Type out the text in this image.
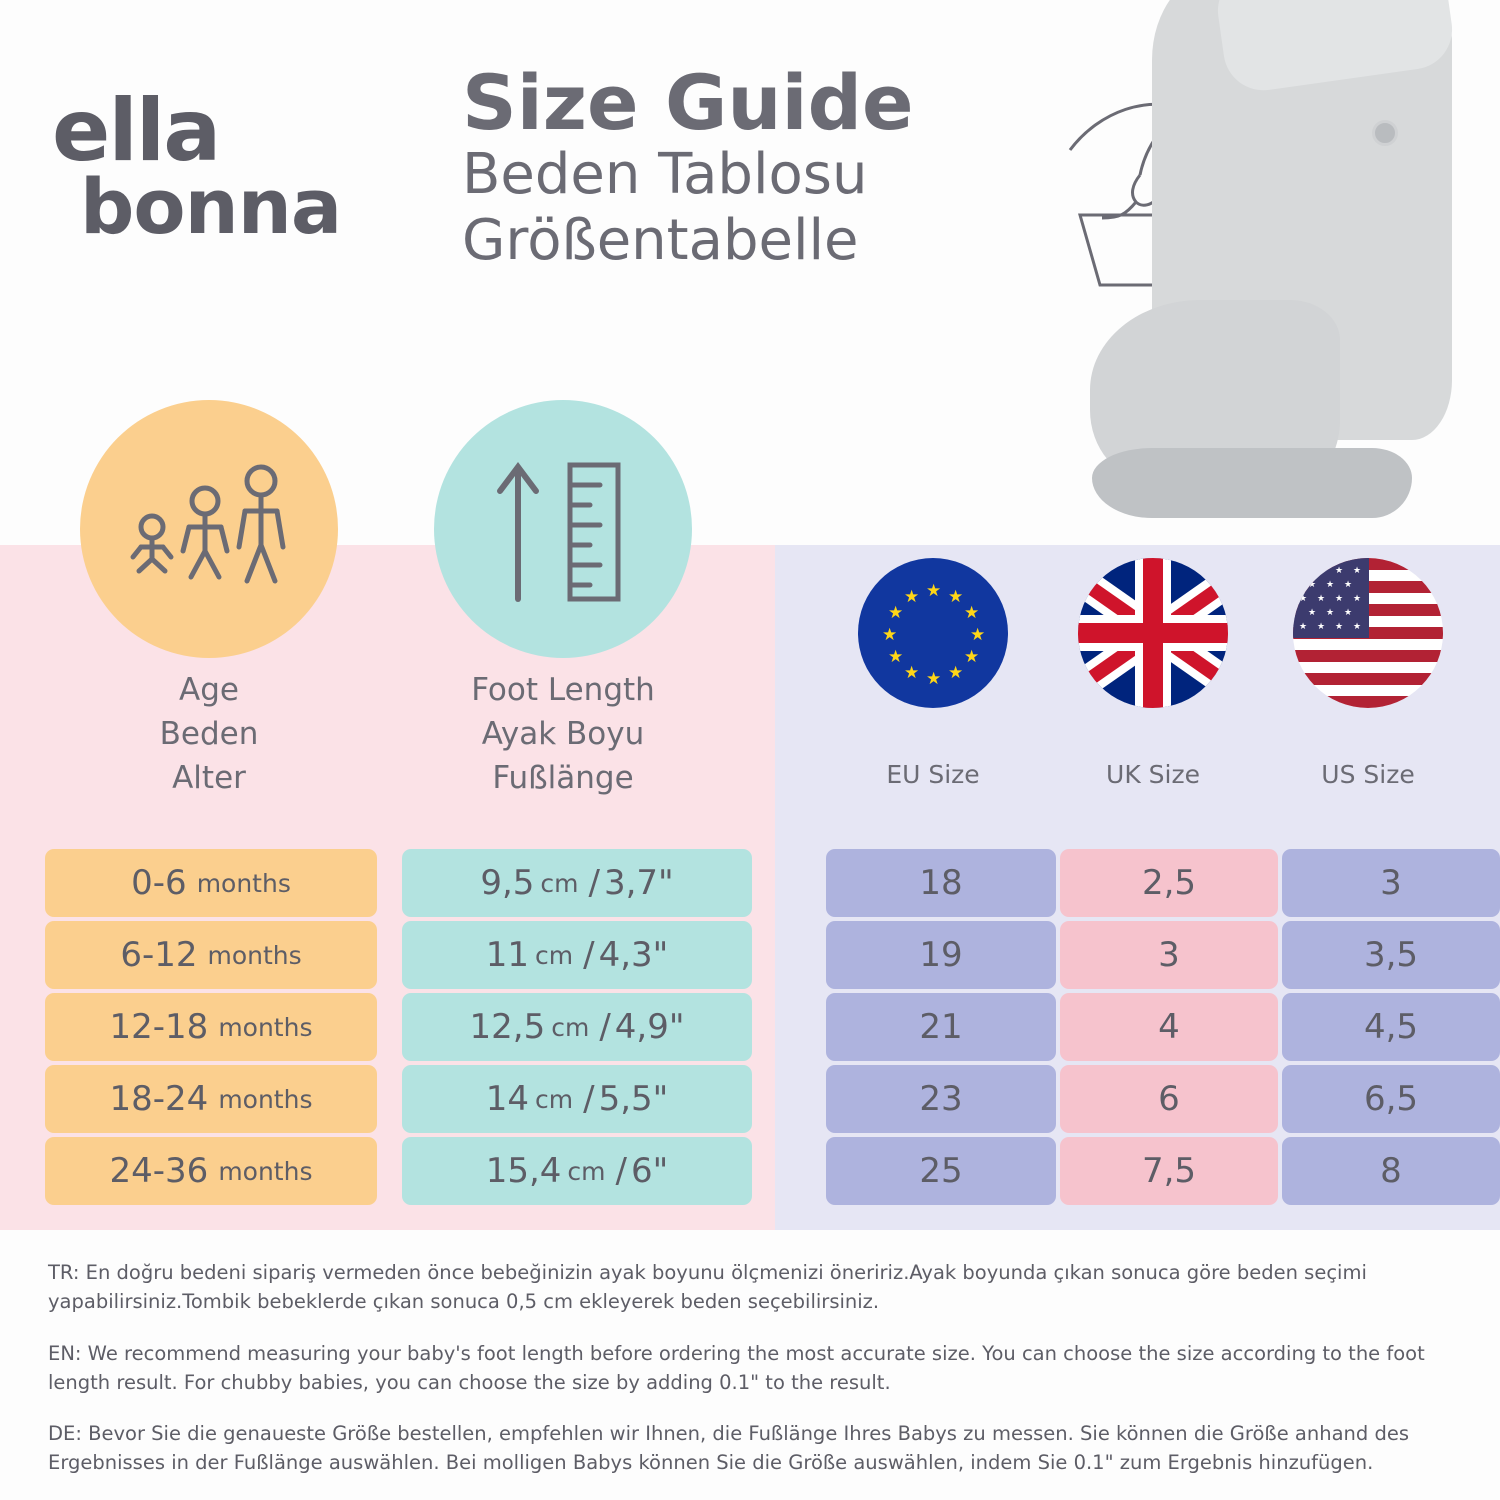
ella
bonna
Size Guide
Beden Tablosu
Größentabelle
★ ★
★
★
★
★
★
★
★
★
★
★
★ ★ ★ ★
★ ★ ★
★ ★ ★ ★
★ ★ ★
★ ★ ★ ★
Age
Beden
Alter
Foot Length
Ayak Boyu
Fußlänge	EU Size	UK Size	US Size
0-6 months	9,5 cm / 3,7"	18	2,5	3
6-12 months	11 cm / 4,3"	19	3	3,5
12-18 months	12,5 cm / 4,9"	21	4	4,5
18-24 months	14 cm / 5,5"	23	6	6,5
24-36 months	15,4 cm / 6"	25	7,5	8
TR: En doğru bedeni sipariş vermeden önce bebeğinizin ayak boyunu ölçmenizi öneririz.Ayak boyunda çıkan sonuca göre beden seçimi yapabilirsiniz.Tombik bebeklerde çıkan sonuca 0,5 cm ekleyerek beden seçebilirsiniz.
EN: We recommend measuring your baby's foot length before ordering the most accurate size. You can choose the size according to the foot length result. For chubby babies, you can choose the size by adding 0.1" to the result.
DE: Bevor Sie die genaueste Größe bestellen, empfehlen wir Ihnen, die Fußlänge Ihres Babys zu messen. Sie können die Größe anhand des Ergebnisses in der Fußlänge auswählen. Bei molligen Babys können Sie die Größe auswählen, indem Sie 0.1" zum Ergebnis hinzufügen.
